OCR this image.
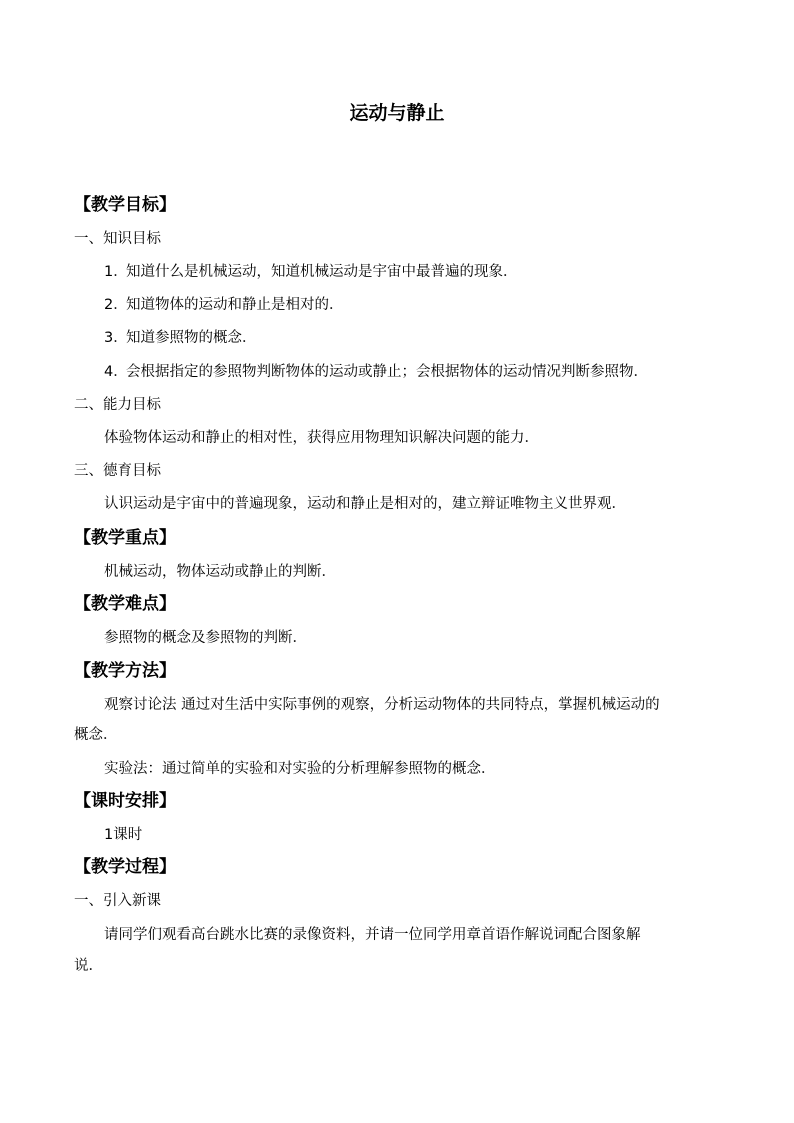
运动与静止
【教学目标】
一、知识目标
1．知道什么是机械运动，知道机械运动是宇宙中最普遍的现象．
2．知道物体的运动和静止是相对的．
3．知道参照物的概念．
4．会根据指定的参照物判断物体的运动或静止；会根据物体的运动情况判断参照物．
二、能力目标
体验物体运动和静止的相对性，获得应用物理知识解决问题的能力．
三、德育目标
认识运动是宇宙中的普遍现象，运动和静止是相对的，建立辩证唯物主义世界观．
【教学重点】
机械运动，物体运动或静止的判断．
【教学难点】
参照物的概念及参照物的判断．
【教学方法】
观察讨论法 通过对生活中实际事例的观察，分析运动物体的共同特点，掌握机械运动的
概念．
实验法：通过简单的实验和对实验的分析理解参照物的概念．
【课时安排】
1课时
【教学过程】
一、引入新课
请同学们观看高台跳水比赛的录像资料，并请一位同学用章首语作解说词配合图象解
说．
